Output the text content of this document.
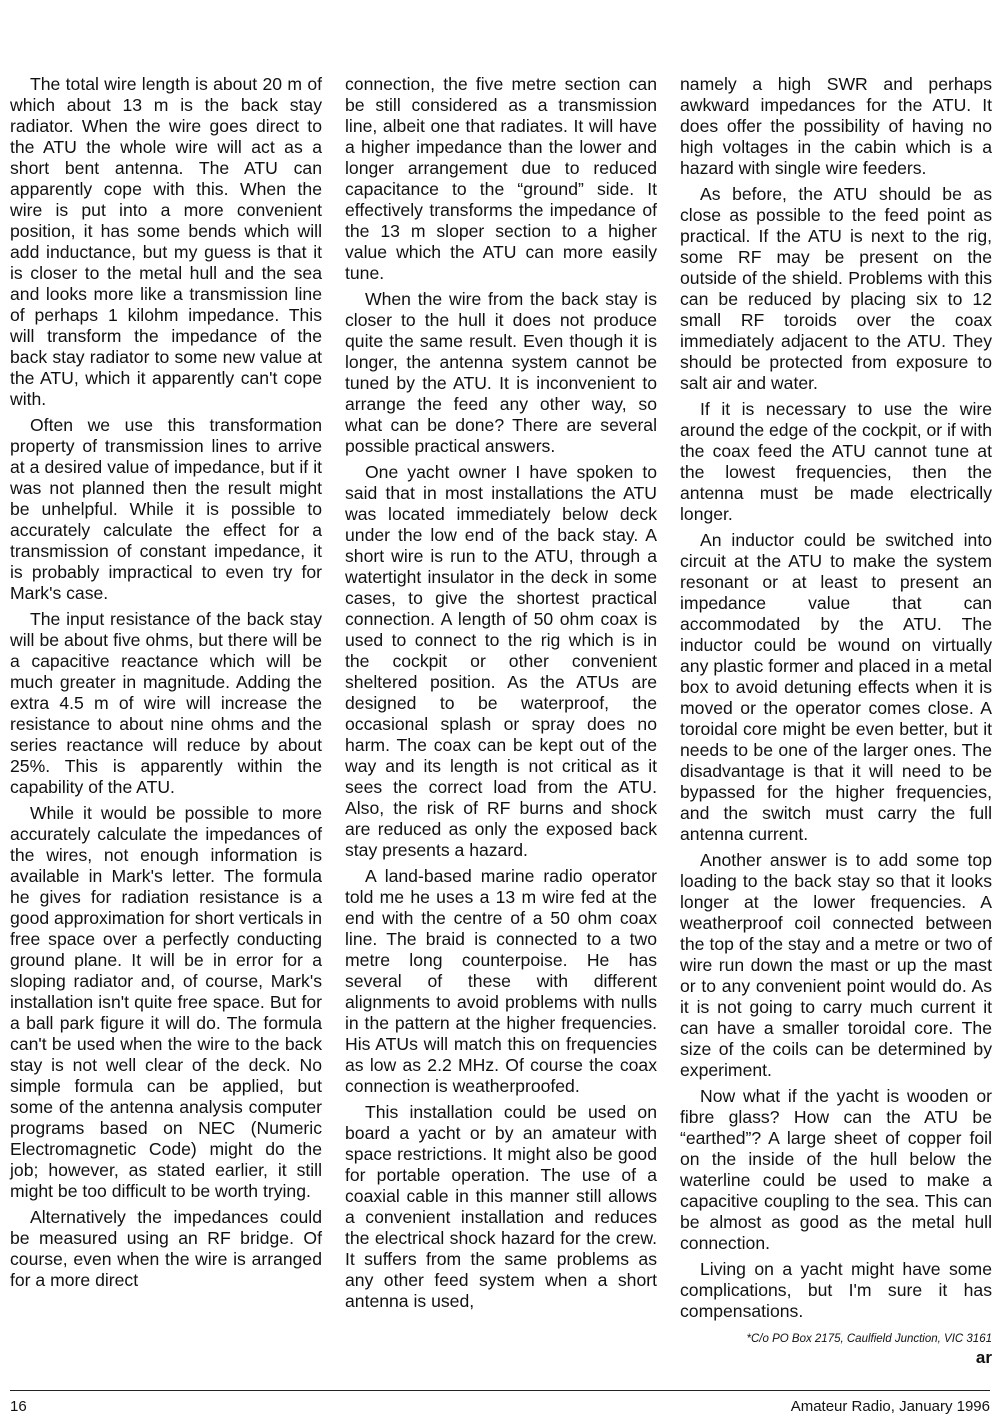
The total wire length is about 20 m of which about 13 m is the back stay radiator. When the wire goes direct to the ATU the whole wire will act as a short bent antenna. The ATU can apparently cope with this. When the wire is put into a more convenient position, it has some bends which will add inductance, but my guess is that it is closer to the metal hull and the sea and looks more like a transmission line of perhaps 1 kilohm impedance. This will transform the impedance of the back stay radiator to some new value at the ATU, which it apparently can't cope with.

Often we use this transformation property of transmission lines to arrive at a desired value of impedance, but if it was not planned then the result might be unhelpful. While it is possible to accurately calculate the effect for a transmission of constant impedance, it is probably impractical to even try for Mark's case.

The input resistance of the back stay will be about five ohms, but there will be a capacitive reactance which will be much greater in magnitude. Adding the extra 4.5 m of wire will increase the resistance to about nine ohms and the series reactance will reduce by about 25%. This is apparently within the capability of the ATU.

While it would be possible to more accurately calculate the impedances of the wires, not enough information is available in Mark's letter. The formula he gives for radiation resistance is a good approximation for short verticals in free space over a perfectly conducting ground plane. It will be in error for a sloping radiator and, of course, Mark's installation isn't quite free space. But for a ball park figure it will do. The formula can't be used when the wire to the back stay is not well clear of the deck. No simple formula can be applied, but some of the antenna analysis computer programs based on NEC (Numeric Electromagnetic Code) might do the job; however, as stated earlier, it still might be too difficult to be worth trying.

Alternatively the impedances could be measured using an RF bridge. Of course, even when the wire is arranged for a more direct

connection, the five metre section can be still considered as a transmission line, albeit one that radiates. It will have a higher impedance than the lower and longer arrangement due to reduced capacitance to the “ground” side. It effectively transforms the impedance of the 13 m sloper section to a higher value which the ATU can more easily tune.

When the wire from the back stay is closer to the hull it does not produce quite the same result. Even though it is longer, the antenna system cannot be tuned by the ATU. It is inconvenient to arrange the feed any other way, so what can be done? There are several possible practical answers.

One yacht owner I have spoken to said that in most installations the ATU was located immediately below deck under the low end of the back stay. A short wire is run to the ATU, through a watertight insulator in the deck in some cases, to give the shortest practical connection. A length of 50 ohm coax is used to connect to the rig which is in the cockpit or other convenient sheltered position. As the ATUs are designed to be waterproof, the occasional splash or spray does no harm. The coax can be kept out of the way and its length is not critical as it sees the correct load from the ATU. Also, the risk of RF burns and shock are reduced as only the exposed back stay presents a hazard.

A land-based marine radio operator told me he uses a 13 m wire fed at the end with the centre of a 50 ohm coax line. The braid is connected to a two metre long counterpoise. He has several of these with different alignments to avoid problems with nulls in the pattern at the higher frequencies. His ATUs will match this on frequencies as low as 2.2 MHz. Of course the coax connection is weatherproofed.

This installation could be used on board a yacht or by an amateur with space restrictions. It might also be good for portable operation. The use of a coaxial cable in this manner still allows a convenient installation and reduces the electrical shock hazard for the crew. It suffers from the same problems as any other feed system when a short antenna is used,

namely a high SWR and perhaps awkward impedances for the ATU. It does offer the possibility of having no high voltages in the cabin which is a hazard with single wire feeders.

As before, the ATU should be as close as possible to the feed point as practical. If the ATU is next to the rig, some RF may be present on the outside of the shield. Problems with this can be reduced by placing six to 12 small RF toroids over the coax immediately adjacent to the ATU. They should be protected from exposure to salt air and water.

If it is necessary to use the wire around the edge of the cockpit, or if with the coax feed the ATU cannot tune at the lowest frequencies, then the antenna must be made electrically longer.

An inductor could be switched into circuit at the ATU to make the system resonant or at least to present an impedance value that can accommodated by the ATU. The inductor could be wound on virtually any plastic former and placed in a metal box to avoid detuning effects when it is moved or the operator comes close. A toroidal core might be even better, but it needs to be one of the larger ones. The disadvantage is that it will need to be bypassed for the higher frequencies, and the switch must carry the full antenna current.

Another answer is to add some top loading to the back stay so that it looks longer at the lower frequencies. A weatherproof coil connected between the top of the stay and a metre or two of wire run down the mast or up the mast or to any convenient point would do. As it is not going to carry much current it can have a smaller toroidal core. The size of the coils can be determined by experiment.

Now what if the yacht is wooden or fibre glass? How can the ATU be “earthed”? A large sheet of copper foil on the inside of the hull below the waterline could be used to make a capacitive coupling to the sea. This can be almost as good as the metal hull connection.

Living on a yacht might have some complications, but I'm sure it has compensations.

*C/o PO Box 2175, Caulfield Junction, VIC 3161
ar
16	Amateur Radio, January 1996
